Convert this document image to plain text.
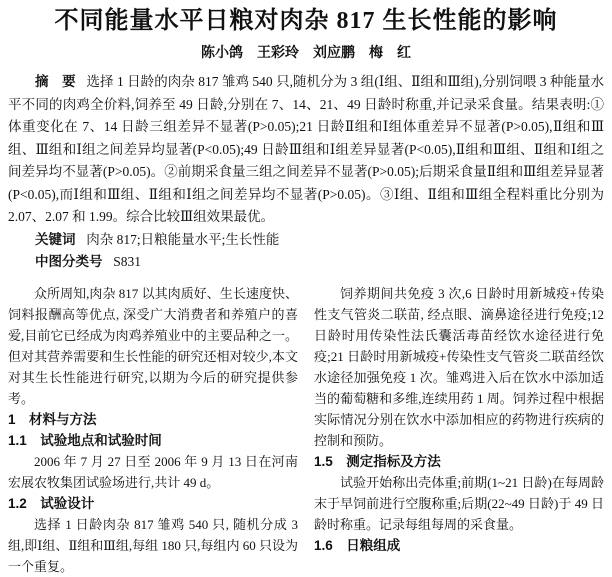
不同能量水平日粮对肉杂 817 生长性能的影响
陈小鸽　王彩玲　刘应鹏　梅　红

摘　要 选择 1 日龄的肉杂 817 雏鸡 540 只,随机分为 3 组(Ⅰ组、Ⅱ组和Ⅲ组),分别饲喂 3 种能量水平不同的肉鸡全价料,饲养至 49 日龄,分别在 7、14、21、49 日龄时称重,并记录采食量。结果表明:①体重变化在 7、14 日龄三组差异不显著(P>0.05);21 日龄Ⅱ组和Ⅰ组体重差异不显著(P>0.05),Ⅱ组和Ⅲ组、Ⅲ组和Ⅰ组之间差异均显著(P<0.05);49 日龄Ⅲ组和Ⅰ组差异显著(P<0.05),Ⅱ组和Ⅲ组、Ⅱ组和Ⅰ组之间差异均不显著(P>0.05)。②前期采食量三组之间差异不显著(P>0.05);后期采食量Ⅱ组和Ⅲ组差异显著(P<0.05),而Ⅰ组和Ⅲ组、Ⅱ组和Ⅰ组之间差异均不显著(P>0.05)。③Ⅰ组、Ⅱ组和Ⅲ组全程料重比分别为 2.07、2.07 和 1.99。综合比较Ⅲ组效果最优。

关键词 肉杂 817;日粮能量水平;生长性能

中图分类号 S831

众所周知,肉杂 817 以其肉质好、生长速度快、饲料报酬高等优点, 深受广大消费者和养殖户的喜爱,目前它已经成为肉鸡养殖业中的主要品种之一。但对其营养需要和生长性能的研究还相对较少,本文对其生长性能进行研究,以期为今后的研究提供参考。

1　材料与方法
1.1　试验地点和试验时间

2006 年 7 月 27 日至 2006 年 9 月 13 日在河南宏展农牧集团试验场进行,共计 49 d。

1.2　试验设计

选择 1 日龄肉杂 817 雏鸡 540 只, 随机分成 3 组,即Ⅰ组、Ⅱ组和Ⅲ组,每组 180 只,每组内 60 只设为一个重复。

饲养期间共免疫 3 次,6 日龄时用新城疫+传染性支气管炎二联苗, 经点眼、滴鼻途径进行免疫;12 日龄时用传染性法氏囊活毒苗经饮水途径进行免疫;21 日龄时用新城疫+传染性支气管炎二联苗经饮水途径加强免疫 1 次。雏鸡进入后在饮水中添加适当的葡萄糖和多维,连续用药 1 周。饲养过程中根据实际情况分别在饮水中添加相应的药物进行疾病的控制和预防。

1.5　测定指标及方法

试验开始称出壳体重;前期(1~21 日龄)在每周龄末于早饲前进行空腹称重;后期(22~49 日龄)于 49 日龄时称重。记录每组每周的采食量。

1.6　日粮组成
